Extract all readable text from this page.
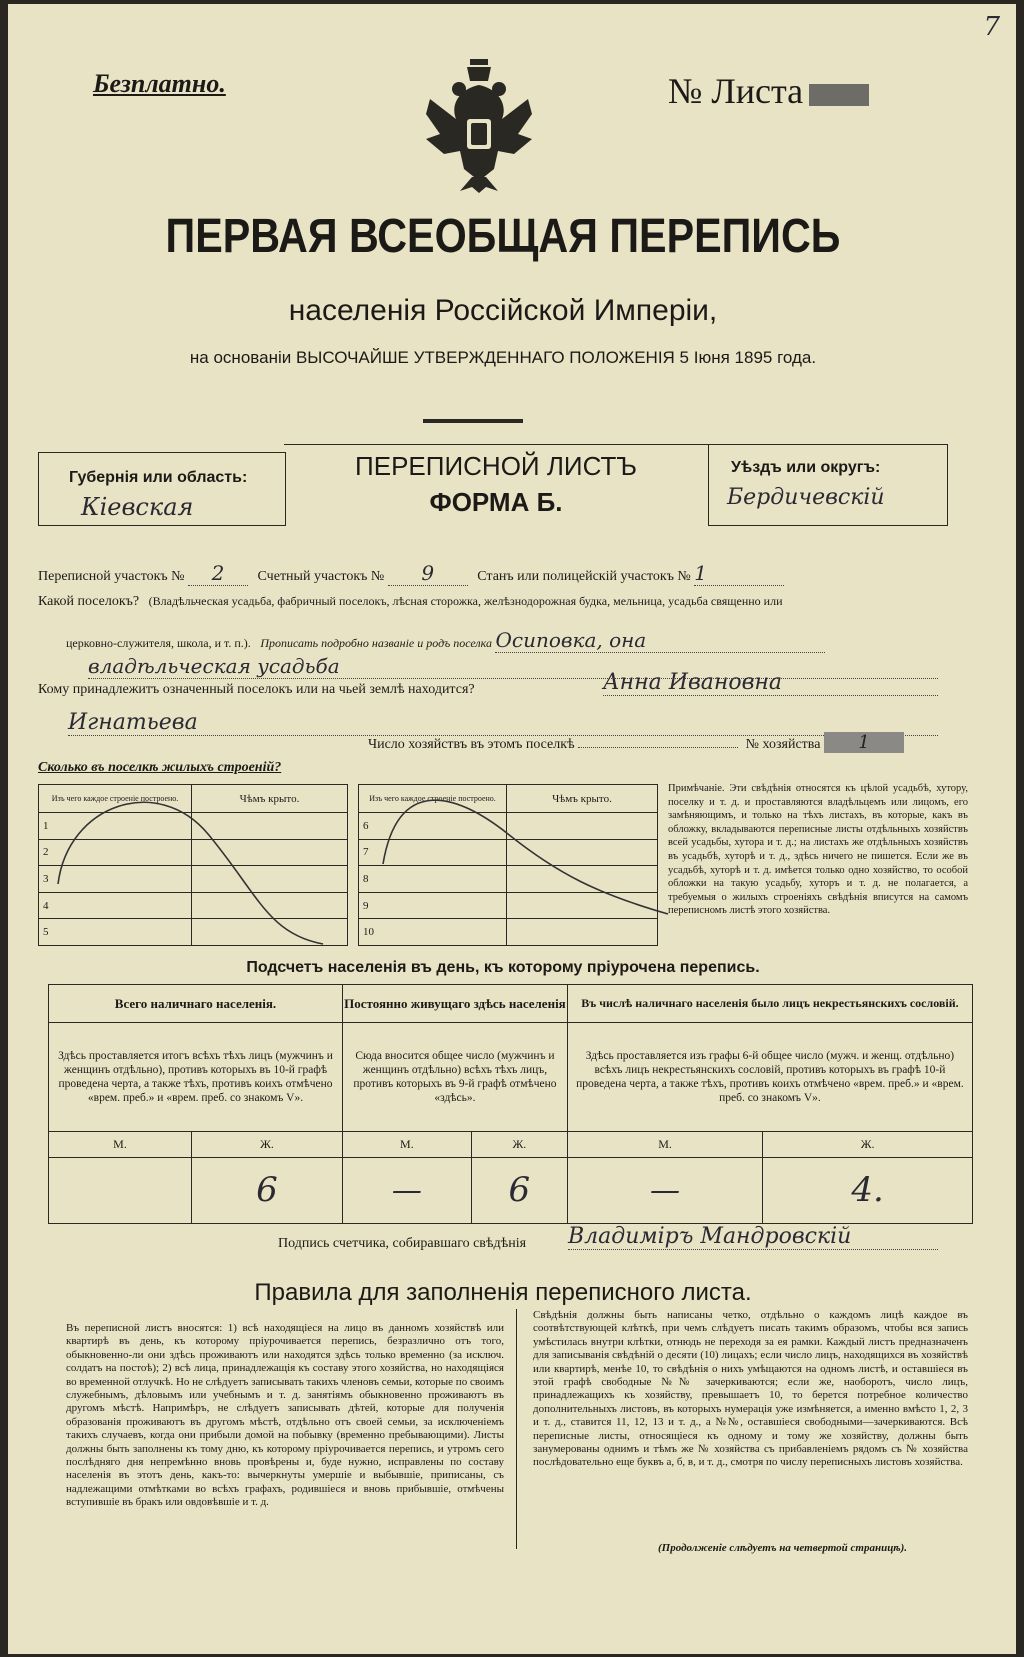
Безплатно.	№ Листа
7
ПЕРВАЯ ВСЕОБЩАЯ ПЕРЕПИСЬ
населенія Россійской Имперіи,
на основаніи ВЫСОЧАЙШЕ УТВЕРЖДЕННАГО ПОЛОЖЕНІЯ 5 Іюня 1895 года.
Губернія или область:
Кіевская
ПЕРЕПИСНОЙ ЛИСТЪ
ФОРМА Б.
Уѣздъ или округъ:
Бердичевскій
Переписной участокъ № 2 Счетный участокъ № 9	Станъ или полицейскій участокъ № 1
Какой поселокъ? (Владѣльческая усадьба, фабричный поселокъ, лѣсная сторожка, желѣзнодорожная будка, мельница, усадьба священно или
церковно-служителя, школа, и т. п.). Прописать подробно названіе и родъ поселка Осиповка, она
владѣльческая усадьба
Кому принадлежитъ означенный поселокъ или на чьей землѣ находится?	Анна Ивановна
Игнатьева
Число хозяйствъ въ этомъ поселкѣ	№ хозяйства 1
Сколько въ поселкѣ жилыхъ строеній?
Изъ чего каждое строеніе построено.	Чѣмъ крыто.
1	
2	
3	
4	
5	
Изъ чего каждое строеніе построено.	Чѣмъ крыто.
6	
7	
8	
9	
10	
Примѣчаніе. Эти свѣдѣнія относятся къ цѣлой усадьбѣ, хутору, поселку и т. д. и проставляются владѣльцемъ или лицомъ, его замѣняющимъ, и только на тѣхъ листахъ, въ которые, какъ въ обложку, вкладываются переписные листы отдѣльныхъ хозяйствъ всей усадьбы, хутора и т. д.; на листахъ же отдѣльныхъ хозяйствъ въ усадьбѣ, хуторѣ и т. д., здѣсь ничего не пишется. Если же въ усадьбѣ, хуторѣ и т. д. имѣется только одно хозяйство, то особой обложки на такую усадьбу, хуторъ и т. д. не полагается, а требуемыя о жилыхъ строеніяхъ свѣдѣнія вписутся на самомъ переписномъ листѣ этого хозяйства.
Подсчетъ населенія въ день, къ которому пріурочена перепись.
Всего наличнаго населенія.		Постоянно живущаго здѣсь населенія		Въ числѣ наличнаго населенія было лицъ некрестьянскихъ сословій.	
Здѣсь проставляется итогъ всѣхъ тѣхъ лицъ (мужчинъ и женщинъ отдѣльно), противъ которыхъ въ 10-й графѣ проведена черта, а также тѣхъ, противъ коихъ отмѣчено «врем. преб.» и «врем. преб. со знакомъ V».		Сюда вносится общее число (мужчинъ и женщинъ отдѣльно) всѣхъ тѣхъ лицъ, противъ которыхъ въ 9-й графѣ отмѣчено «здѣсь».		Здѣсь проставляется изъ графы 6-й общее число (мужч. и женщ. отдѣльно) всѣхъ лицъ некрестьянскихъ сословій, противъ которыхъ въ графѣ 10-й проведена черта, а также тѣхъ, противъ коихъ отмѣчено «врем. преб.» и «врем. преб. со знакомъ V».	
М.	Ж.	М.	Ж.	М.	Ж.
	6	—	6	—	4.
Подпись счетчика, собиравшаго свѣдѣнія Владиміръ Мандровскій
Правила для заполненія переписного листа.
Въ переписной листъ вносятся: 1) всѣ находящіеся на лицо въ данномъ хозяйствѣ или квартирѣ въ день, къ которому пріурочивается перепись, безразлично отъ того, обыкновенно-ли они здѣсь проживаютъ или находятся здѣсь только временно (за исключ. солдатъ на постоѣ); 2) всѣ лица, принадлежащія къ составу этого хозяйства, но находящіяся во временной отлучкѣ. Но не слѣдуетъ записывать такихъ членовъ семьи, которые по своимъ служебнымъ, дѣловымъ или учебнымъ и т. д. занятіямъ обыкновенно проживаютъ въ другомъ мѣстѣ. Напримѣръ, не слѣдуетъ записывать дѣтей, которые для полученія образованія проживаютъ въ другомъ мѣстѣ, отдѣльно отъ своей семьи, за исключеніемъ такихъ случаевъ, когда они прибыли домой на побывку (временно пребывающими). Листы должны быть заполнены къ тому дню, къ которому пріурочивается перепись, и утромъ сего послѣдняго дня непремѣнно вновь провѣрены и, буде нужно, исправлены по составу населенія въ этотъ день, какъ-то: вычеркнуты умершіе и выбывшіе, приписаны, съ надлежащими отмѣтками во всѣхъ графахъ, родившіеся и вновь прибывшіе, отмѣчены вступившіе въ бракъ или овдовѣвшіе и т. д.
Свѣдѣнія должны быть написаны четко, отдѣльно о каждомъ лицѣ каждое въ соотвѣтствующей клѣткѣ, при чемъ слѣдуетъ писать такимъ образомъ, чтобы вся запись умѣстилась внутри клѣтки, отнюдь не переходя за ея рамки. Каждый листъ предназначенъ для записыванія свѣдѣній о десяти (10) лицахъ; если число лицъ, находящихся въ хозяйствѣ или квартирѣ, менѣе 10, то свѣдѣнія о нихъ умѣщаются на одномъ листѣ, и оставшіеся въ этой графѣ свободные №№ зачеркиваются; если же, наоборотъ, число лицъ, принадлежащихъ къ хозяйству, превышаетъ 10, то берется потребное количество дополнительныхъ листовъ, въ которыхъ нумерація уже измѣняется, а именно вмѣсто 1, 2, 3 и т. д., ставится 11, 12, 13 и т. д., а №№, оставшіеся свободными—зачеркиваются. Всѣ переписные листы, относящіеся къ одному и тому же хозяйству, должны быть занумерованы однимъ и тѣмъ же № хозяйства съ прибавленіемъ рядомъ съ № хозяйства послѣдовательно еще буквъ а, б, в, и т. д., смотря по числу переписныхъ листовъ хозяйства.
(Продолженіе слѣдуетъ на четвертой страницѣ).
